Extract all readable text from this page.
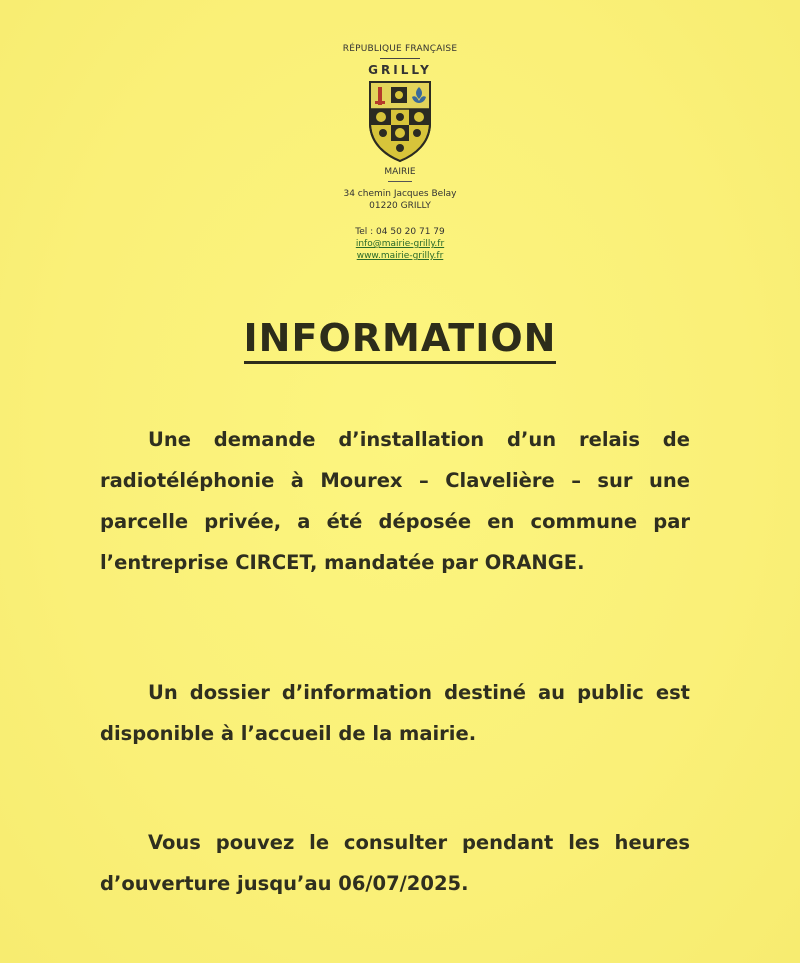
RÉPUBLIQUE FRANÇAISE
GRILLY
MAIRIE
34 chemin Jacques Belay
01220 GRILLY
Tel : 04 50 20 71 79
info@mairie-grilly.fr
www.mairie-grilly.fr
INFORMATION
Une demande d’installation d’un relais de radiotéléphonie à Mourex – Clavelière – sur une parcelle privée, a été déposée en commune par l’entreprise CIRCET, mandatée par ORANGE.
Un dossier d’information destiné au public est disponible à l’accueil de la mairie.
Vous pouvez le consulter pendant les heures d’ouverture jusqu’au 06/07/2025.
